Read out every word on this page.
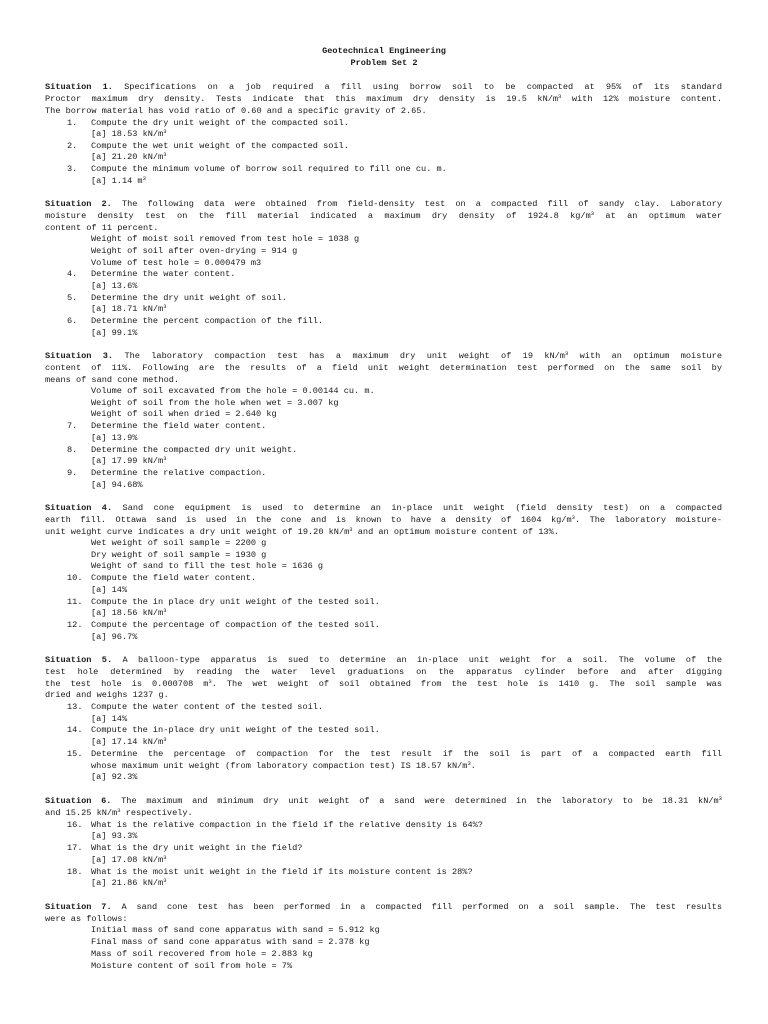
Geotechnical Engineering
Problem Set 2
Situation 1. Specifications on a job required a fill using borrow soil to be compacted at 95% of its standard
Proctor maximum dry density. Tests indicate that this maximum dry density is 19.5 $kN/m^3$ with 12% moisture content.
The borrow material has void ratio of 0.60 and a specific gravity of 2.65.
1. Compute the dry unit weight of the compacted soil.
[a] 18.53 $kN/m^3$
2. Compute the wet unit weight of the compacted soil.
[a] 21.20 $kN/m^3$
3. Compute the minimum volume of borrow soil required to fill one cu. m.
[a] 1.14 $m^3$
Situation 2. The following data were obtained from field-density test on a compacted fill of sandy clay. Laboratory
moisture density test on the fill material indicated a maximum dry density of 1924.8 $kg/m^3$ at an optimum water
content of 11 percent.
Weight of moist soil removed from test hole = 1038 g
Weight of soil after oven-drying = 914 g
Volume of test hole = 0.000479 m3
4. Determine the water content.
[a] 13.6%
5. Determine the dry unit weight of soil.
[a] 18.71 $kN/m^3$
6. Determine the percent compaction of the fill.
[a] 99.1%
Situation 3. The laboratory compaction test has a maximum dry unit weight of 19 $kN/m^3$ with an optimum moisture
content of 11%. Following are the results of a field unit weight determination test performed on the same soil by
means of sand cone method.
Volume of soil excavated from the hole = 0.00144 cu. m.
Weight of soil from the hole when wet = 3.007 kg
Weight of soil when dried = 2.640 kg
7. Determine the field water content.
[a] 13.9%
8. Determine the compacted dry unit weight.
[a] 17.99 $kN/m^3$
9. Determine the relative compaction.
[a] 94.68%
Situation 4. Sand cone equipment is used to determine an in-place unit weight (field density test) on a compacted
earth fill. Ottawa sand is used in the cone and is known to have a density of 1604 $kg/m^3$. The laboratory moisture-
unit weight curve indicates a dry unit weight of 19.20 $kN/m^3$ and an optimum moisture content of 13%.
Wet weight of soil sample = 2200 g
Dry weight of soil sample = 1930 g
Weight of sand to fill the test hole = 1636 g
10. Compute the field water content.
[a] 14%
11. Compute the in place dry unit weight of the tested soil.
[a] 18.56 $kN/m^3$
12. Compute the percentage of compaction of the tested soil.
[a] 96.7%
Situation 5. A balloon-type apparatus is sued to determine an in-place unit weight for a soil. The volume of the
test hole determined by reading the water level graduations on the apparatus cylinder before and after digging
the test hole is 0.000708 $m^3$. The wet weight of soil obtained from the test hole is 1410 g. The soil sample was
dried and weighs 1237 g.
13. Compute the water content of the tested soil.
[a] 14%
14. Compute the in-place dry unit weight of the tested soil.
[a] 17.14 $kN/m^3$
15. Determine the percentage of compaction for the test result if the soil is part of a compacted earth fill
whose maximum unit weight (from laboratory compaction test) IS 18.57 $kN/m^3$.
[a] 92.3%
Situation 6. The maximum and minimum dry unit weight of a sand were determined in the laboratory to be 18.31 $kN/m^3$
and 15.25 $kN/m^3$ respectively.
16. What is the relative compaction in the field if the relative density is 64%?
[a] 93.3%
17. What is the dry unit weight in the field?
[a] 17.08 $kN/m^3$
18. What is the moist unit weight in the field if its moisture content is 28%?
[a] 21.86 $kN/m^3$
Situation 7. A sand cone test has been performed in a compacted fill performed on a soil sample. The test results
were as follows:
Initial mass of sand cone apparatus with sand = 5.912 kg
Final mass of sand cone apparatus with sand = 2.378 kg
Mass of soil recovered from hole = 2.883 kg
Moisture content of soil from hole = 7%
